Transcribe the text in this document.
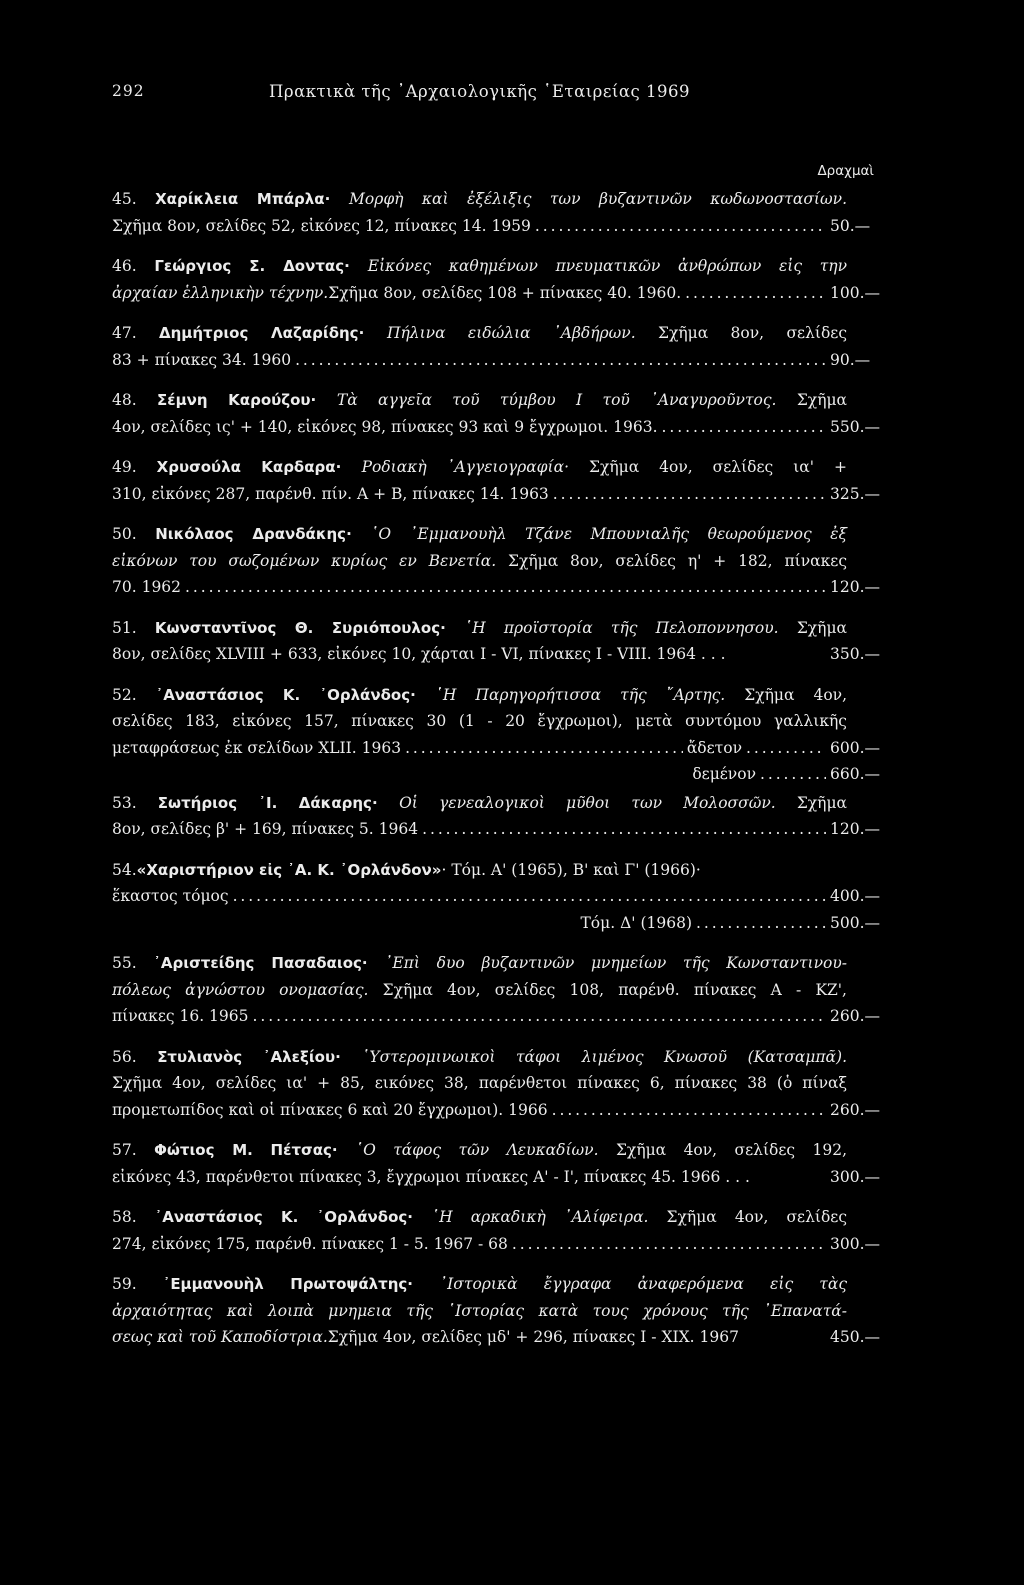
292	Πρακτικὰ τῆς ᾿Αρχαιολογικῆς ῾Εταιρείας 1969
Δραχμαὶ
45. Χαρίκλεια Μπάρλα· Μορφὴ καὶ ἐξέλιξις των βυζαντινῶν κωδωνοστασίων.
Σχῆμα 8ον, σελίδες 52, εἰκόνες 12, πίνακες 14. 1959 . . .	50.—
46. Γεώργιος Σ. Δοντας· Εἰκόνες καθημένων πνευματικῶν ἀνθρώπων εἰς την
ἀρχαίαν ἑλληνικὴν τέχνην. Σχῆμα 8ον, σελίδες 108 + πίνακες 40. 1960. . . .	100.—
47. Δημήτριος Λαζαρίδης· Πήλινα ειδώλια ᾿Αβδήρων. Σχῆμα 8ον, σελίδες
83 + πίνακες 34. 1960 . . .	90.—
48. Σέμνη Καρούζου· Τὰ αγγεῖα τοῦ τύμβου Ι τοῦ ᾿Αναγυροῦντος. Σχῆμα
4ον, σελίδες ις' + 140, εἰκόνες 98, πίνακες 93 καὶ 9 ἔγχρωμοι. 1963. . . .	550.—
49. Χρυσούλα Καρδαρα· Ροδιακὴ ᾿Αγγειογραφία· Σχῆμα 4ον, σελίδες ια' +
310, εἰκόνες 287, παρένθ. πίν. Α + Β, πίνακες 14. 1963 . . .	325.—
50. Νικόλαος Δρανδάκης· ῾Ο ᾿Εμμανουὴλ Τζάνε Μπουνιαλῆς θεωρούμενος ἐξ
εἰκόνων του σωζομένων κυρίως εν Βενετία. Σχῆμα 8ον, σελίδες η' + 182, πίνακες
70. 1962 . . .	120.—
51. Κωνσταντῖνος Θ. Συριόπουλος· ῾Η προϊστορία τῆς Πελοποννησου. Σχῆμα
8ον, σελίδες XLVIII + 633, εἰκόνες 10, χάρται Ι - VI, πίνακες Ι - VIII. 1964 . . .	350.—
52. ᾿Αναστάσιος Κ. ᾿Ορλάνδος· ῾Η Παρηγορήτισσα τῆς ῎Αρτης. Σχῆμα 4ον,
σελίδες 183, εἰκόνες 157, πίνακες 30 (1 - 20 ἔγχρωμοι), μετὰ συντόμου γαλλικῆς
μεταφράσεως ἐκ σελίδων XLII. 1963 . . .	ἄδετον . . .	600.—
δεμένον . . .	660.—
53. Σωτήριος ᾿Ι. Δάκαρης· Οἱ γενεαλογικοὶ μῦθοι των Μολοσσῶν. Σχῆμα
8ον, σελίδες β' + 169, πίνακες 5. 1964 . . .	120.—
54. «Χαριστήριον εἰς ᾿Α. Κ. ᾿Ορλάνδον» · Τόμ. Α' (1965), Β' καὶ Γ' (1966)·
ἕκαστος τόμος . . .	400.—
Τόμ. Δ' (1968) . . .	500.—
55. ᾿Αριστείδης Πασαδαιος· ᾿Επὶ δυο βυζαντινῶν μνημείων τῆς Κωνσταντινου-
πόλεως ἀγνώστου ονομασίας. Σχῆμα 4ον, σελίδες 108, παρένθ. πίνακες Α - ΚΖ',
πίνακες 16. 1965 . . .	260.—
56. Στυλιανὸς ᾿Αλεξίου· ῾Υστερομινωικοὶ τάφοι λιμένος Κνωσοῦ (Κατσαμπᾶ).
Σχῆμα 4ον, σελίδες ια' + 85, εικόνες 38, παρένθετοι πίνακες 6, πίνακες 38 (ὁ πίναξ
προμετωπίδος καὶ οἱ πίνακες 6 καὶ 20 ἔγχρωμοι). 1966 . . .	260.—
57. Φώτιος Μ. Πέτσας· ῾Ο τάφος τῶν Λευκαδίων. Σχῆμα 4ον, σελίδες 192,
εἰκόνες 43, παρένθετοι πίνακες 3, ἔγχρωμοι πίνακες Α' - Ι', πίνακες 45. 1966 . . .	300.—
58. ᾿Αναστάσιος Κ. ᾿Ορλάνδος· ῾Η αρκαδικὴ ᾿Αλίφειρα. Σχῆμα 4ον, σελίδες
274, εἰκόνες 175, παρένθ. πίνακες 1 - 5. 1967 - 68 . . .	300.—
59. ᾿Εμμανουὴλ Πρωτοψάλτης· ᾿Ιστορικὰ ἔγγραφα ἀναφερόμενα εἰς τὰς
ἀρχαιότητας καὶ λοιπὰ μνημεια τῆς ῾Ιστορίας κατὰ τους χρόνους τῆς ᾿Επανατά-
σεως καὶ τοῦ Καποδίστρια. Σχῆμα 4ον, σελίδες μδ' + 296, πίνακες Ι - ΧΙΧ. 1967	450.—
